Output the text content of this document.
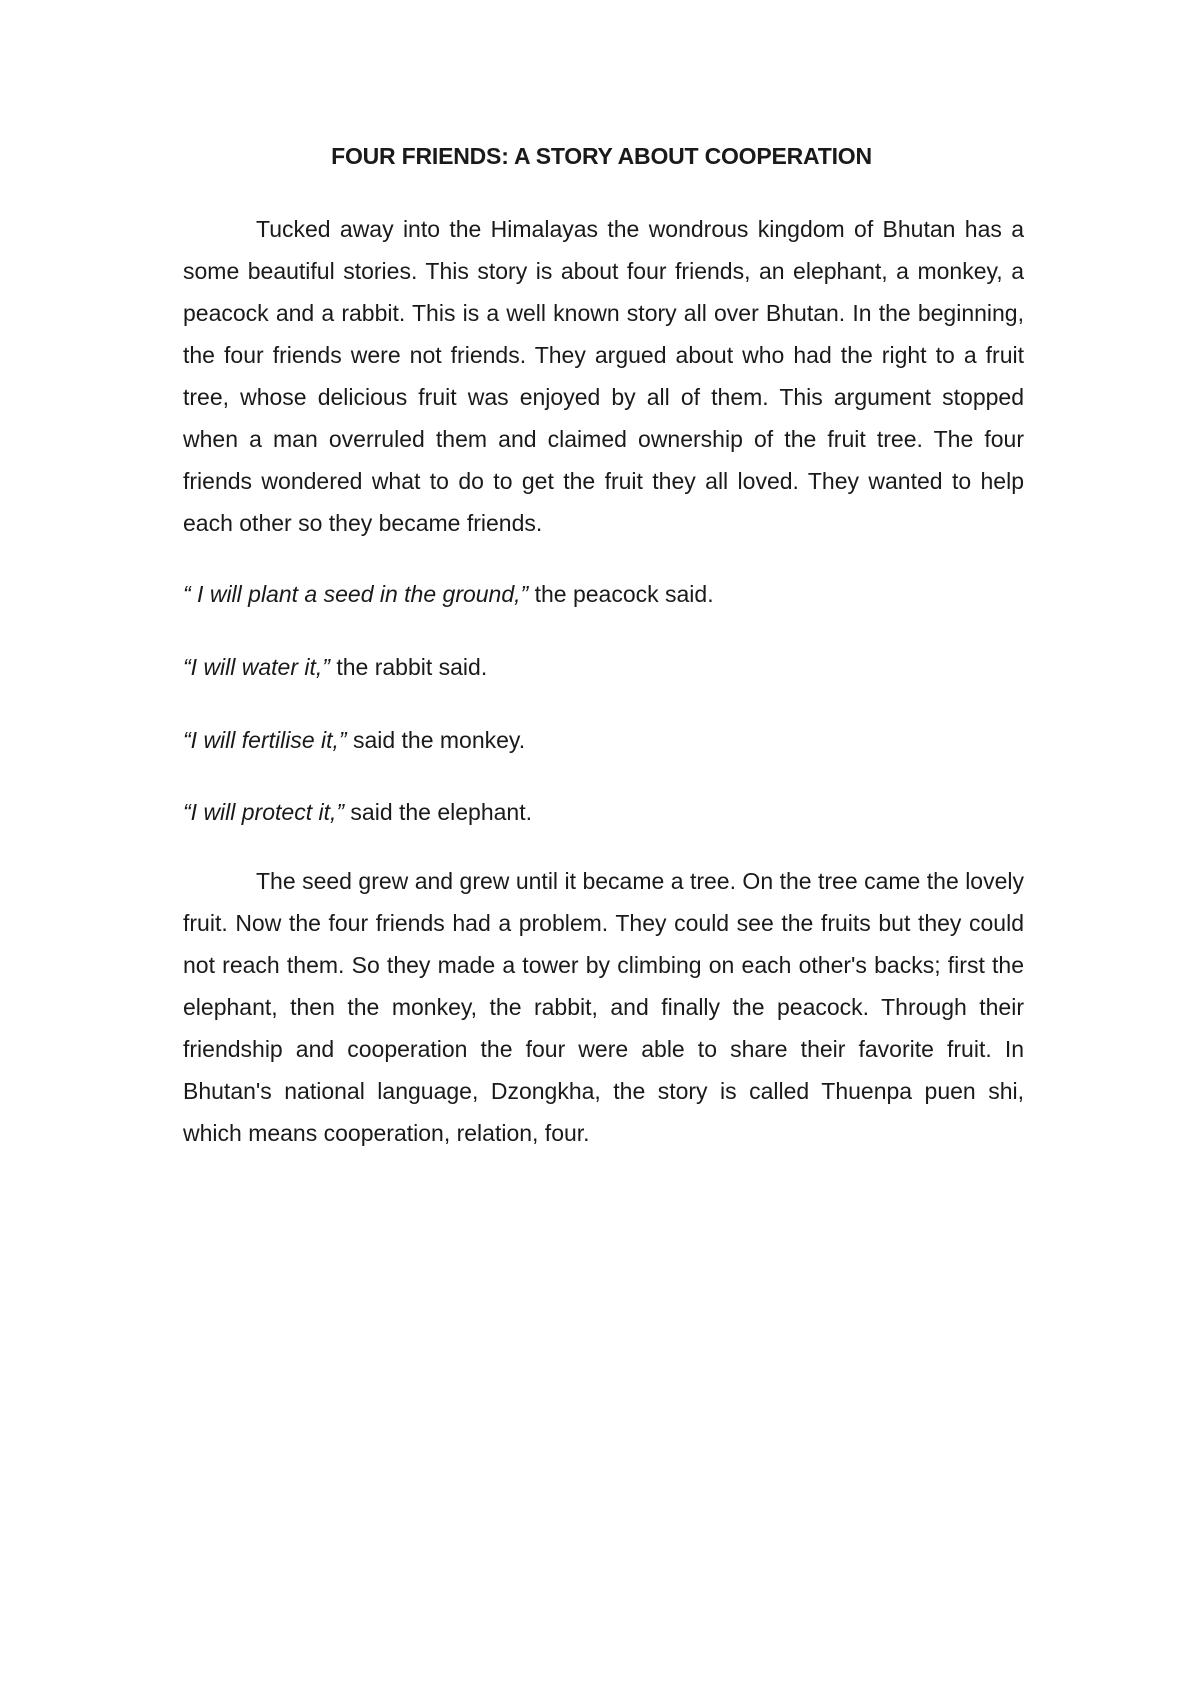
FOUR FRIENDS: A STORY ABOUT COOPERATION

Tucked away into the Himalayas the wondrous kingdom of Bhutan has a some beautiful stories. This story is about four friends, an elephant, a monkey, a peacock and a rabbit. This is a well known story all over Bhutan. In the beginning, the four friends were not friends. They argued about who had the right to a fruit tree, whose delicious fruit was enjoyed by all of them. This argument stopped when a man overruled them and claimed ownership of the fruit tree. The four friends wondered what to do to get the fruit they all loved. They wanted to help each other so they became friends.

“ I will plant a seed in the ground,” the peacock said.

“I will water it,” the rabbit said.

“I will fertilise it,” said the monkey.

“I will protect it,” said the elephant.

The seed grew and grew until it became a tree. On the tree came the lovely fruit. Now the four friends had a problem. They could see the fruits but they could not reach them. So they made a tower by climbing on each other's backs; first the elephant, then the monkey, the rabbit, and finally the peacock. Through their friendship and cooperation the four were able to share their favorite fruit. In Bhutan's national language, Dzongkha, the story is called Thuenpa puen shi, which means cooperation, relation, four.
